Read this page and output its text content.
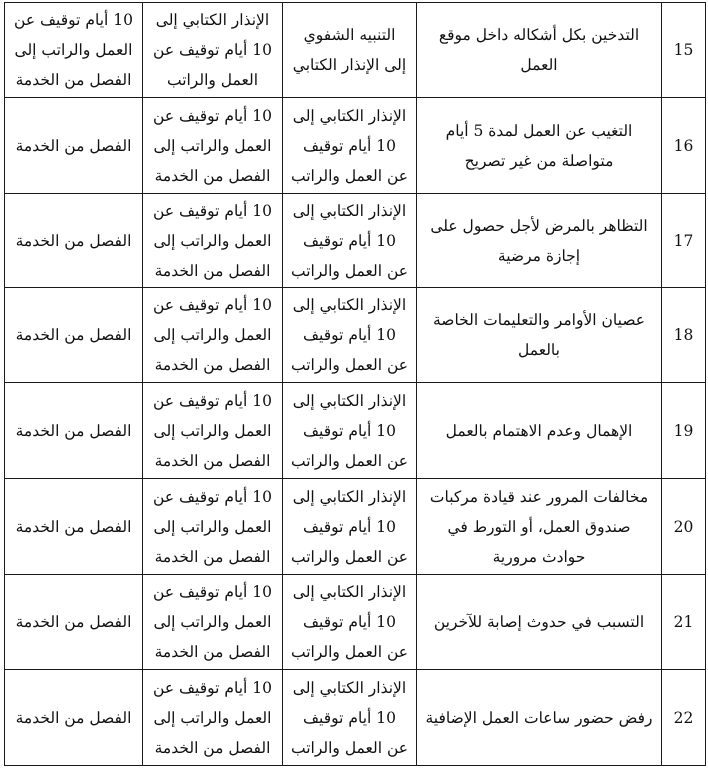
15	التدخين بكل أشكاله داخل موقع العمل	التنبيه الشفوي إلى الإنذار الكتابي	الإنذار الكتابي إلى 10 أيام توقيف عن العمل والراتب	10 أيام توقيف عن العمل والراتب إلى الفصل من الخدمة
16	التغيب عن العمل لمدة 5 أيام متواصلة من غير تصريح	الإنذار الكتابي إلى 10 أيام توقيف عن العمل والراتب	10 أيام توقيف عن العمل والراتب إلى الفصل من الخدمة	الفصل من الخدمة
17	التظاهر بالمرض لأجل حصول على إجازة مرضية	الإنذار الكتابي إلى 10 أيام توقيف عن العمل والراتب	10 أيام توقيف عن العمل والراتب إلى الفصل من الخدمة	الفصل من الخدمة
18	عصيان الأوامر والتعليمات الخاصة بالعمل	الإنذار الكتابي إلى 10 أيام توقيف عن العمل والراتب	10 أيام توقيف عن العمل والراتب إلى الفصل من الخدمة	الفصل من الخدمة
19	الإهمال وعدم الاهتمام بالعمل	الإنذار الكتابي إلى 10 أيام توقيف عن العمل والراتب	10 أيام توقيف عن العمل والراتب إلى الفصل من الخدمة	الفصل من الخدمة
20	مخالفات المرور عند قيادة مركبات صندوق العمل، أو التورط في حوادث مرورية	الإنذار الكتابي إلى 10 أيام توقيف عن العمل والراتب	10 أيام توقيف عن العمل والراتب إلى الفصل من الخدمة	الفصل من الخدمة
21	التسبب في حدوث إصابة للآخرين	الإنذار الكتابي إلى 10 أيام توقيف عن العمل والراتب	10 أيام توقيف عن العمل والراتب إلى الفصل من الخدمة	الفصل من الخدمة
22	رفض حضور ساعات العمل الإضافية	الإنذار الكتابي إلى 10 أيام توقيف عن العمل والراتب	10 أيام توقيف عن العمل والراتب إلى الفصل من الخدمة	الفصل من الخدمة
